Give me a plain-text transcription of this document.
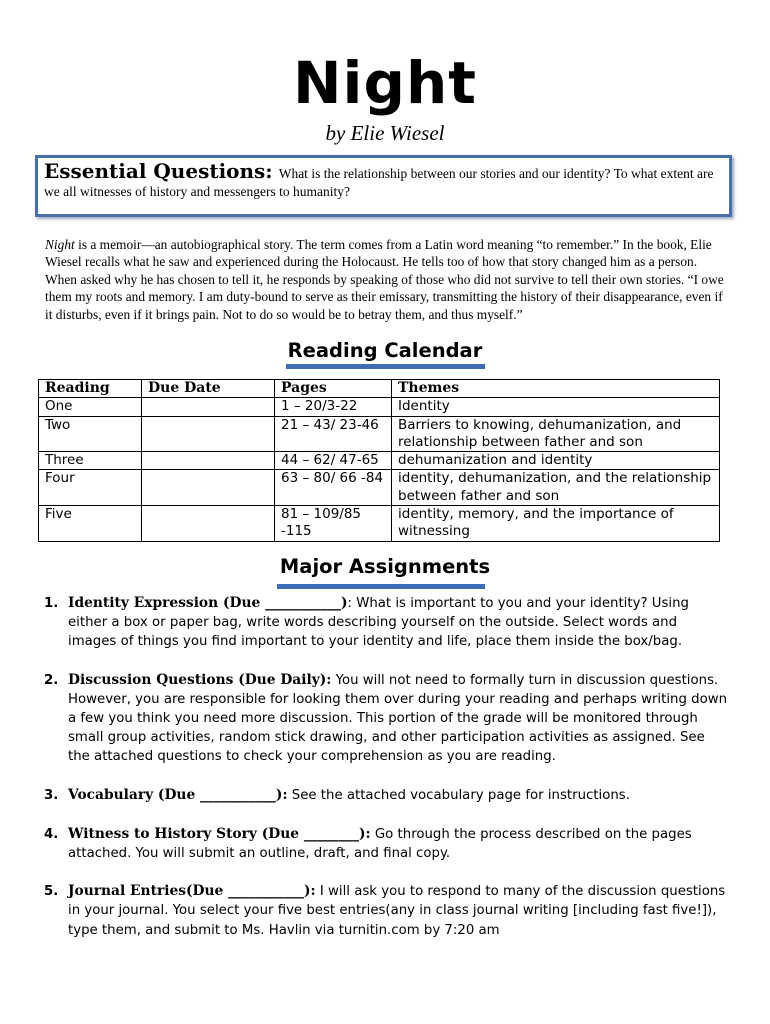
Night
by Elie Wiesel
Essential Questions: What is the relationship between our stories and our identity? To what extent are we all witnesses of history and messengers to humanity?
Night is a memoir—an autobiographical story. The term comes from a Latin word meaning “to remember.” In the book, Elie Wiesel recalls what he saw and experienced during the Holocaust. He tells too of how that story changed him as a person. When asked why he has chosen to tell it, he responds by speaking of those who did not survive to tell their own stories. “I owe them my roots and memory. I am duty-bound to serve as their emissary, transmitting the history of their disappearance, even if it disturbs, even if it brings pain. Not to do so would be to betray them, and thus myself.”
Reading Calendar
Reading	Due Date	Pages	Themes
One		1 – 20/3-22	Identity
Two		21 – 43/ 23-46	Barriers to knowing, dehumanization, and relationship between father and son
Three		44 – 62/ 47-65	dehumanization and identity
Four		63 – 80/ 66 -84	identity, dehumanization, and the relationship between father and son
Five		81 – 109/85 -115	identity, memory, and the importance of witnessing
Major Assignments
1. Identity Expression (Due ___________): What is important to you and your identity? Using either a box or paper bag, write words describing yourself on the outside. Select words and images of things you find important to your identity and life, place them inside the box/bag.
2. Discussion Questions (Due Daily): You will not need to formally turn in discussion questions. However, you are responsible for looking them over during your reading and perhaps writing down a few you think you need more discussion. This portion of the grade will be monitored through small group activities, random stick drawing, and other participation activities as assigned. See the attached questions to check your comprehension as you are reading.
3. Vocabulary (Due ___________): See the attached vocabulary page for instructions.
4. Witness to History Story (Due ________): Go through the process described on the pages attached. You will submit an outline, draft, and final copy.
5. Journal Entries(Due ___________): I will ask you to respond to many of the discussion questions in your journal. You select your five best entries(any in class journal writing [including fast five!]), type them, and submit to Ms. Havlin via turnitin.com by 7:20 am
